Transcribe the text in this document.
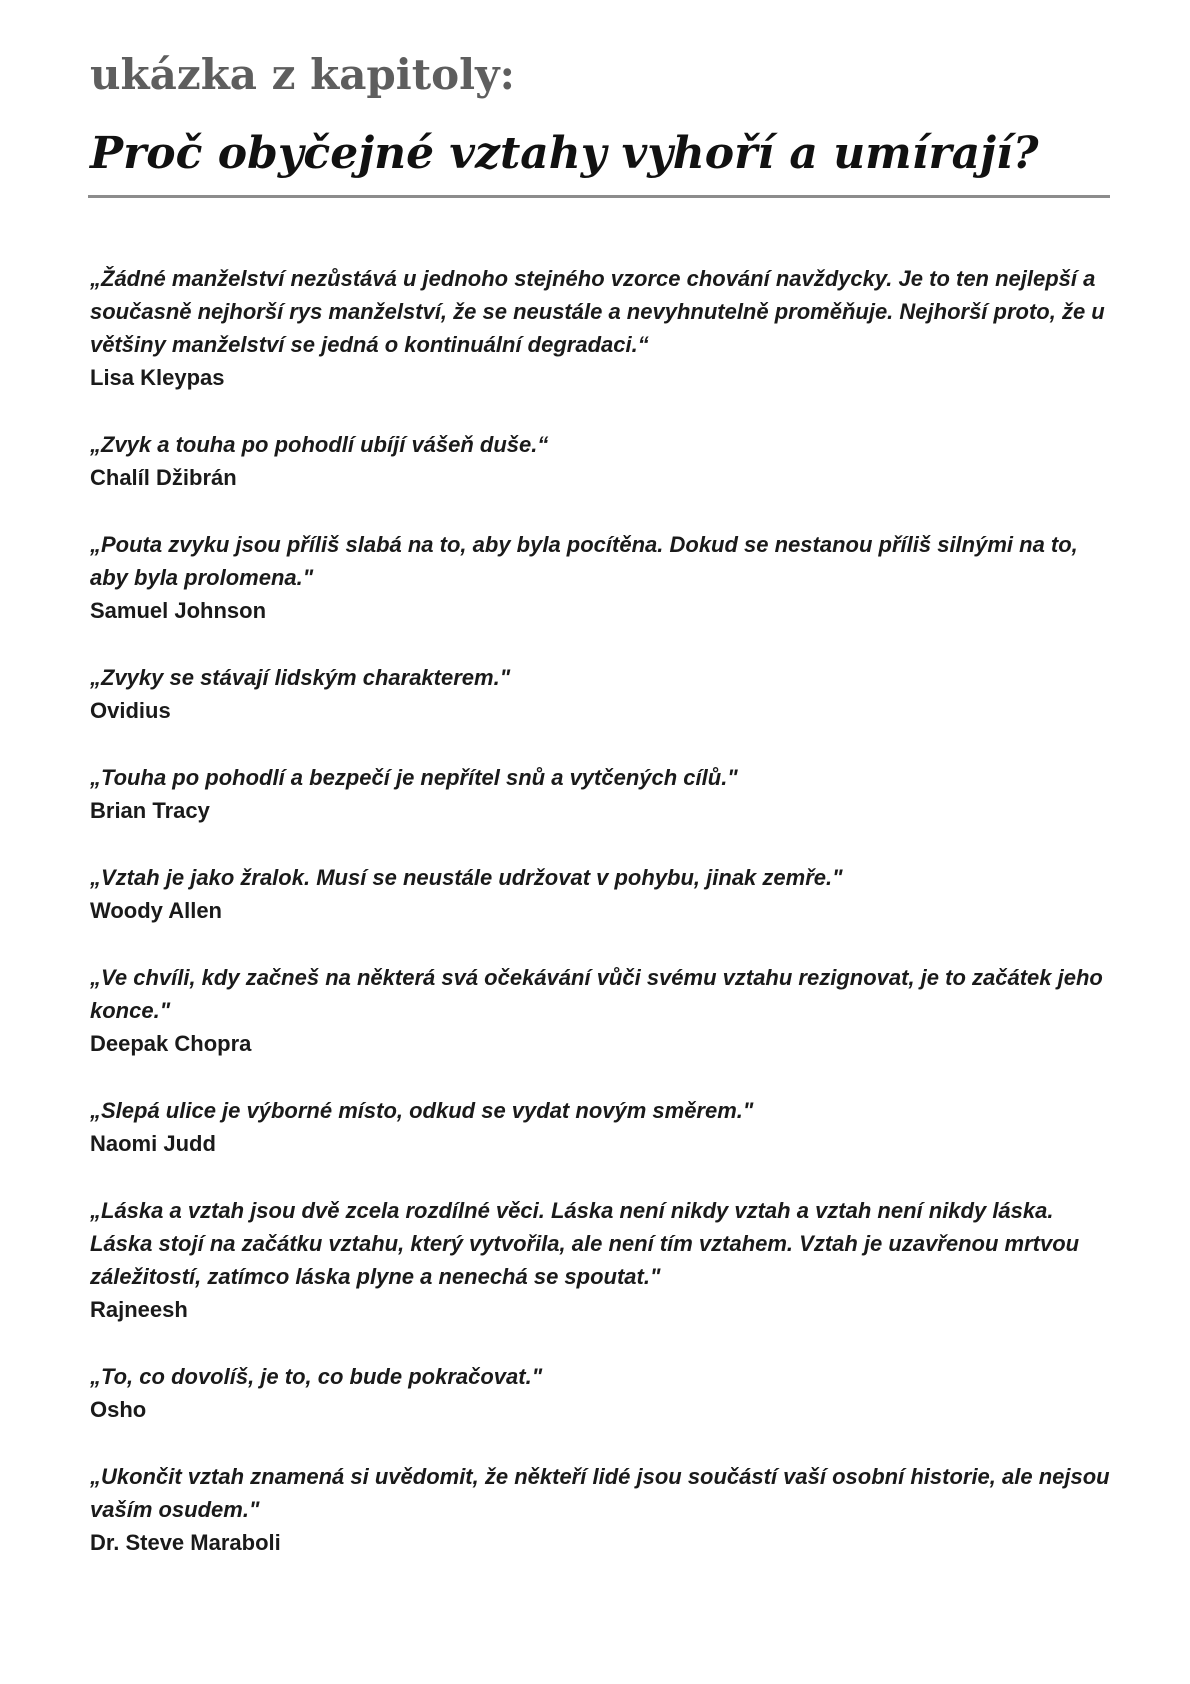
ukázka z kapitoly:
Proč obyčejné vztahy vyhoří a umírají?
„Žádné manželství nezůstává u jednoho stejného vzorce chování navždycky. Je to ten nejlepší a současně nejhorší rys manželství, že se neustále a nevyhnutelně proměňuje. Nejhorší proto, že u většiny manželství se jedná o kontinuální degradaci.“
Lisa Kleypas
„Zvyk a touha po pohodlí ubíjí vášeň duše.“
Chalíl Džibrán
„Pouta zvyku jsou příliš slabá na to, aby byla pocítěna. Dokud se nestanou příliš silnými na to, aby byla prolomena."
Samuel Johnson
„Zvyky se stávají lidským charakterem."
Ovidius
„Touha po pohodlí a bezpečí je nepřítel snů a vytčených cílů."
Brian Tracy
„Vztah je jako žralok. Musí se neustále udržovat v pohybu, jinak zemře."
Woody Allen
„Ve chvíli, kdy začneš na některá svá očekávání vůči svému vztahu rezignovat, je to začátek jeho konce."
Deepak Chopra
„Slepá ulice je výborné místo, odkud se vydat novým směrem."
Naomi Judd
„Láska a vztah jsou dvě zcela rozdílné věci. Láska není nikdy vztah a vztah není nikdy láska. Láska stojí na začátku vztahu, který vytvořila, ale není tím vztahem. Vztah je uzavřenou mrtvou záležitostí, zatímco láska plyne a nenechá se spoutat."
Rajneesh
„To, co dovolíš, je to, co bude pokračovat."
Osho
„Ukončit vztah znamená si uvědomit, že někteří lidé jsou součástí vaší osobní historie, ale nejsou vaším osudem."
Dr. Steve Maraboli
